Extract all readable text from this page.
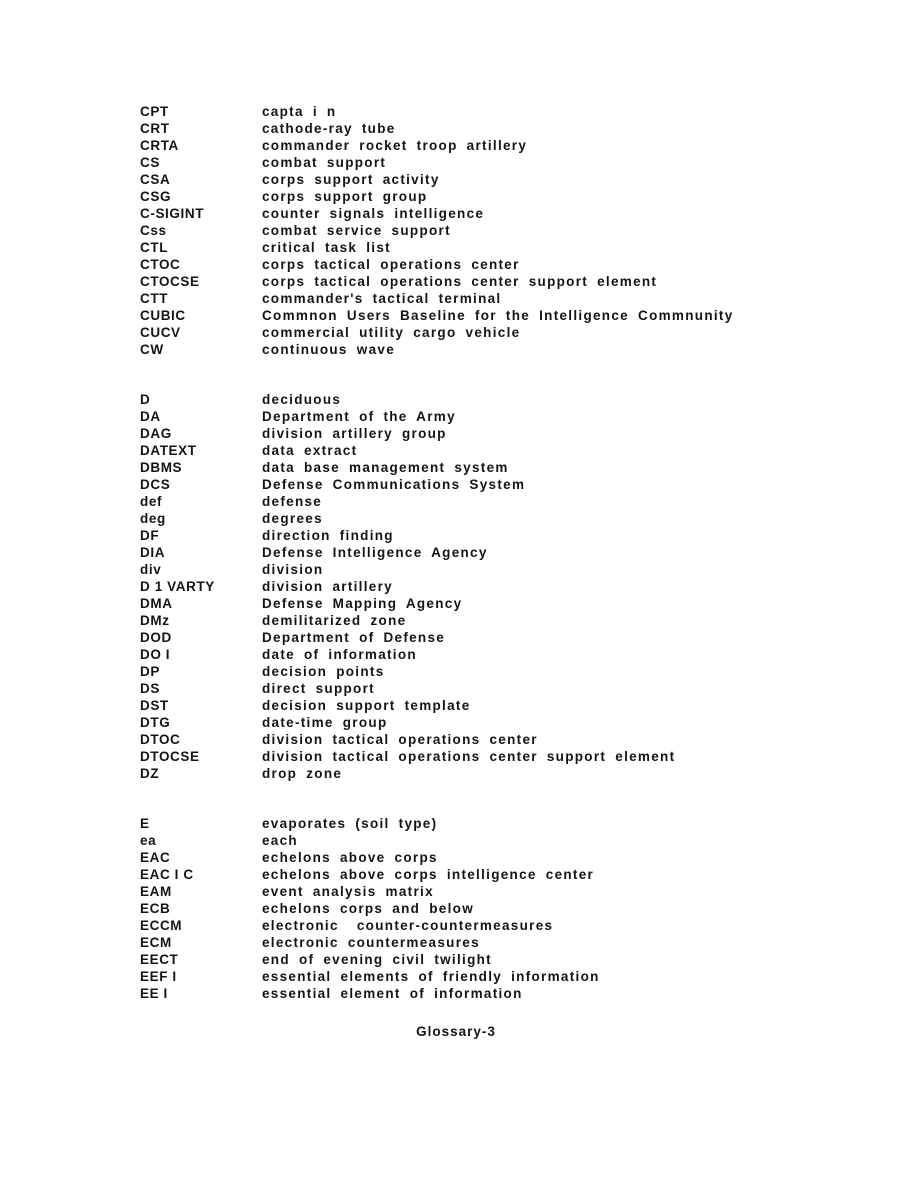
CPT	capta i n
CRT	cathode-ray tube
CRTA	commander rocket troop artillery
CS	combat support
CSA	corps support activity
CSG	corps support group
C-SIGINT	counter signals intelligence
Css	combat service support
CTL	critical task list
CTOC	corps tactical operations center
CTOCSE	corps tactical operations center support element
CTT	commander's tactical terminal
CUBIC	Commnon Users Baseline for the Intelligence Commnunity
CUCV	commercial utility cargo vehicle
CW	continuous wave
D	deciduous
DA	Department of the Army
DAG	division artillery group
DATEXT	data extract
DBMS	data base management system
DCS	Defense Communications System
def	defense
deg	degrees
DF	direction finding
DIA	Defense Intelligence Agency
div	division
D 1 VARTY	division artillery
DMA	Defense Mapping Agency
DMz	demilitarized zone
DOD	Department of Defense
DO I	date of information
DP	decision points
DS	direct support
DST	decision support template
DTG	date-time group
DTOC	division tactical operations center
DTOCSE	division tactical operations center support element
DZ	drop zone
E	evaporates (soil type)
ea	each
EAC	echelons above corps
EAC I C	echelons above corps intelligence center
EAM	event analysis matrix
ECB	echelons corps and below
ECCM	electronic  counter-countermeasures
ECM	electronic countermeasures
EECT	end of evening civil twilight
EEF I	essential elements of friendly information
EE I	essential element of information
Glossary-3
